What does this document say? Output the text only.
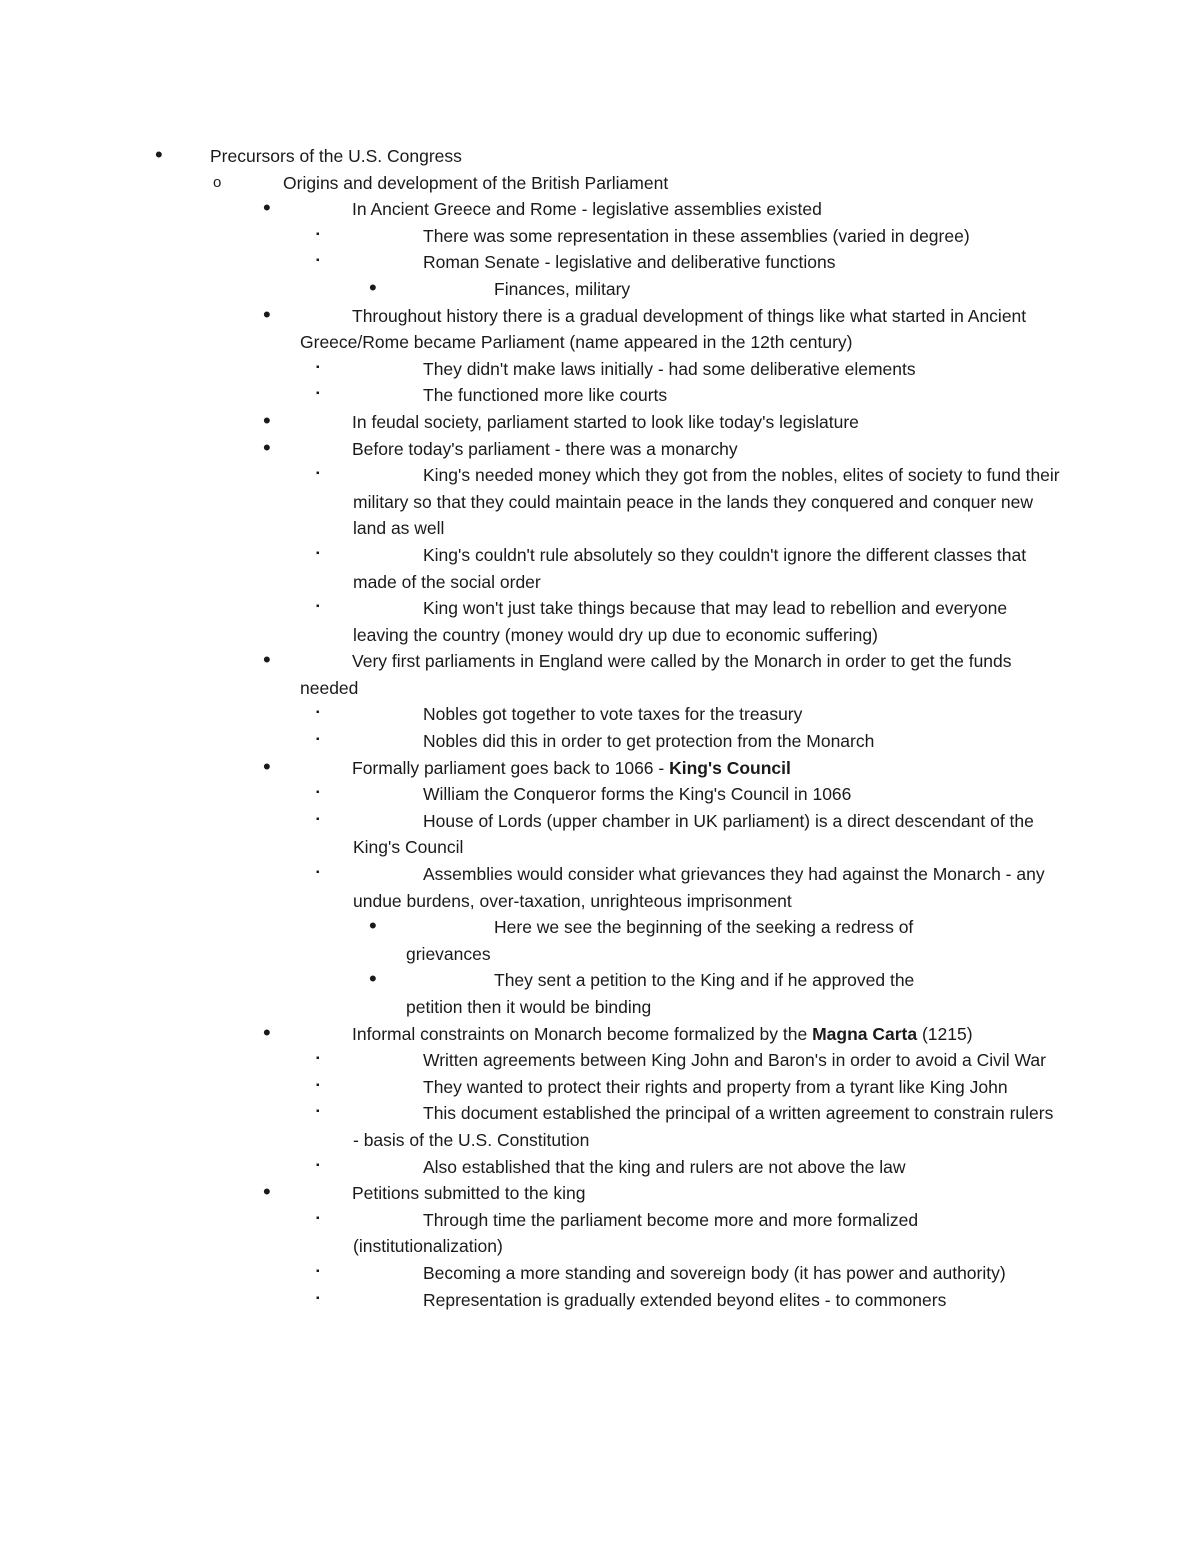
•	Precursors of the U.S. Congress
o	Origins and development of the British Parliament
•	In Ancient Greece and Rome - legislative assemblies existed
▪	There was some representation in these assemblies (varied in degree)
▪	Roman Senate - legislative and deliberative functions
•	Finances, military
•	Throughout history there is a gradual development of things like what started in Ancient Greece/Rome became Parliament (name appeared in the 12th century)
▪	They didn't make laws initially - had some deliberative elements
▪	The functioned more like courts
•	In feudal society, parliament started to look like today's legislature
•	Before today's parliament - there was a monarchy
▪	King's needed money which they got from the nobles, elites of society to fund their military so that they could maintain peace in the lands they conquered and conquer new land as well
▪	King's couldn't rule absolutely so they couldn't ignore the different classes that made of the social order
▪	King won't just take things because that may lead to rebellion and everyone leaving the country (money would dry up due to economic suffering)
•	Very first parliaments in England were called by the Monarch in order to get the funds needed
▪	Nobles got together to vote taxes for the treasury
▪	Nobles did this in order to get protection from the Monarch
•	Formally parliament goes back to 1066 - King's Council
▪	William the Conqueror forms the King's Council in 1066
▪	House of Lords (upper chamber in UK parliament) is a direct descendant of the King's Council
▪	Assemblies would consider what grievances they had against the Monarch - any undue burdens, over-taxation, unrighteous imprisonment
•	Here we see the beginning of the seeking a redress of grievances
•	They sent a petition to the King and if he approved the petition then it would be binding
•	Informal constraints on Monarch become formalized by the Magna Carta (1215)
▪	Written agreements between King John and Baron's in order to avoid a Civil War
▪	They wanted to protect their rights and property from a tyrant like King John
▪	This document established the principal of a written agreement to constrain rulers - basis of the U.S. Constitution
▪	Also established that the king and rulers are not above the law
•	Petitions submitted to the king
▪	Through time the parliament become more and more formalized (institutionalization)
▪	Becoming a more standing and sovereign body (it has power and authority)
▪	Representation is gradually extended beyond elites - to commoners
